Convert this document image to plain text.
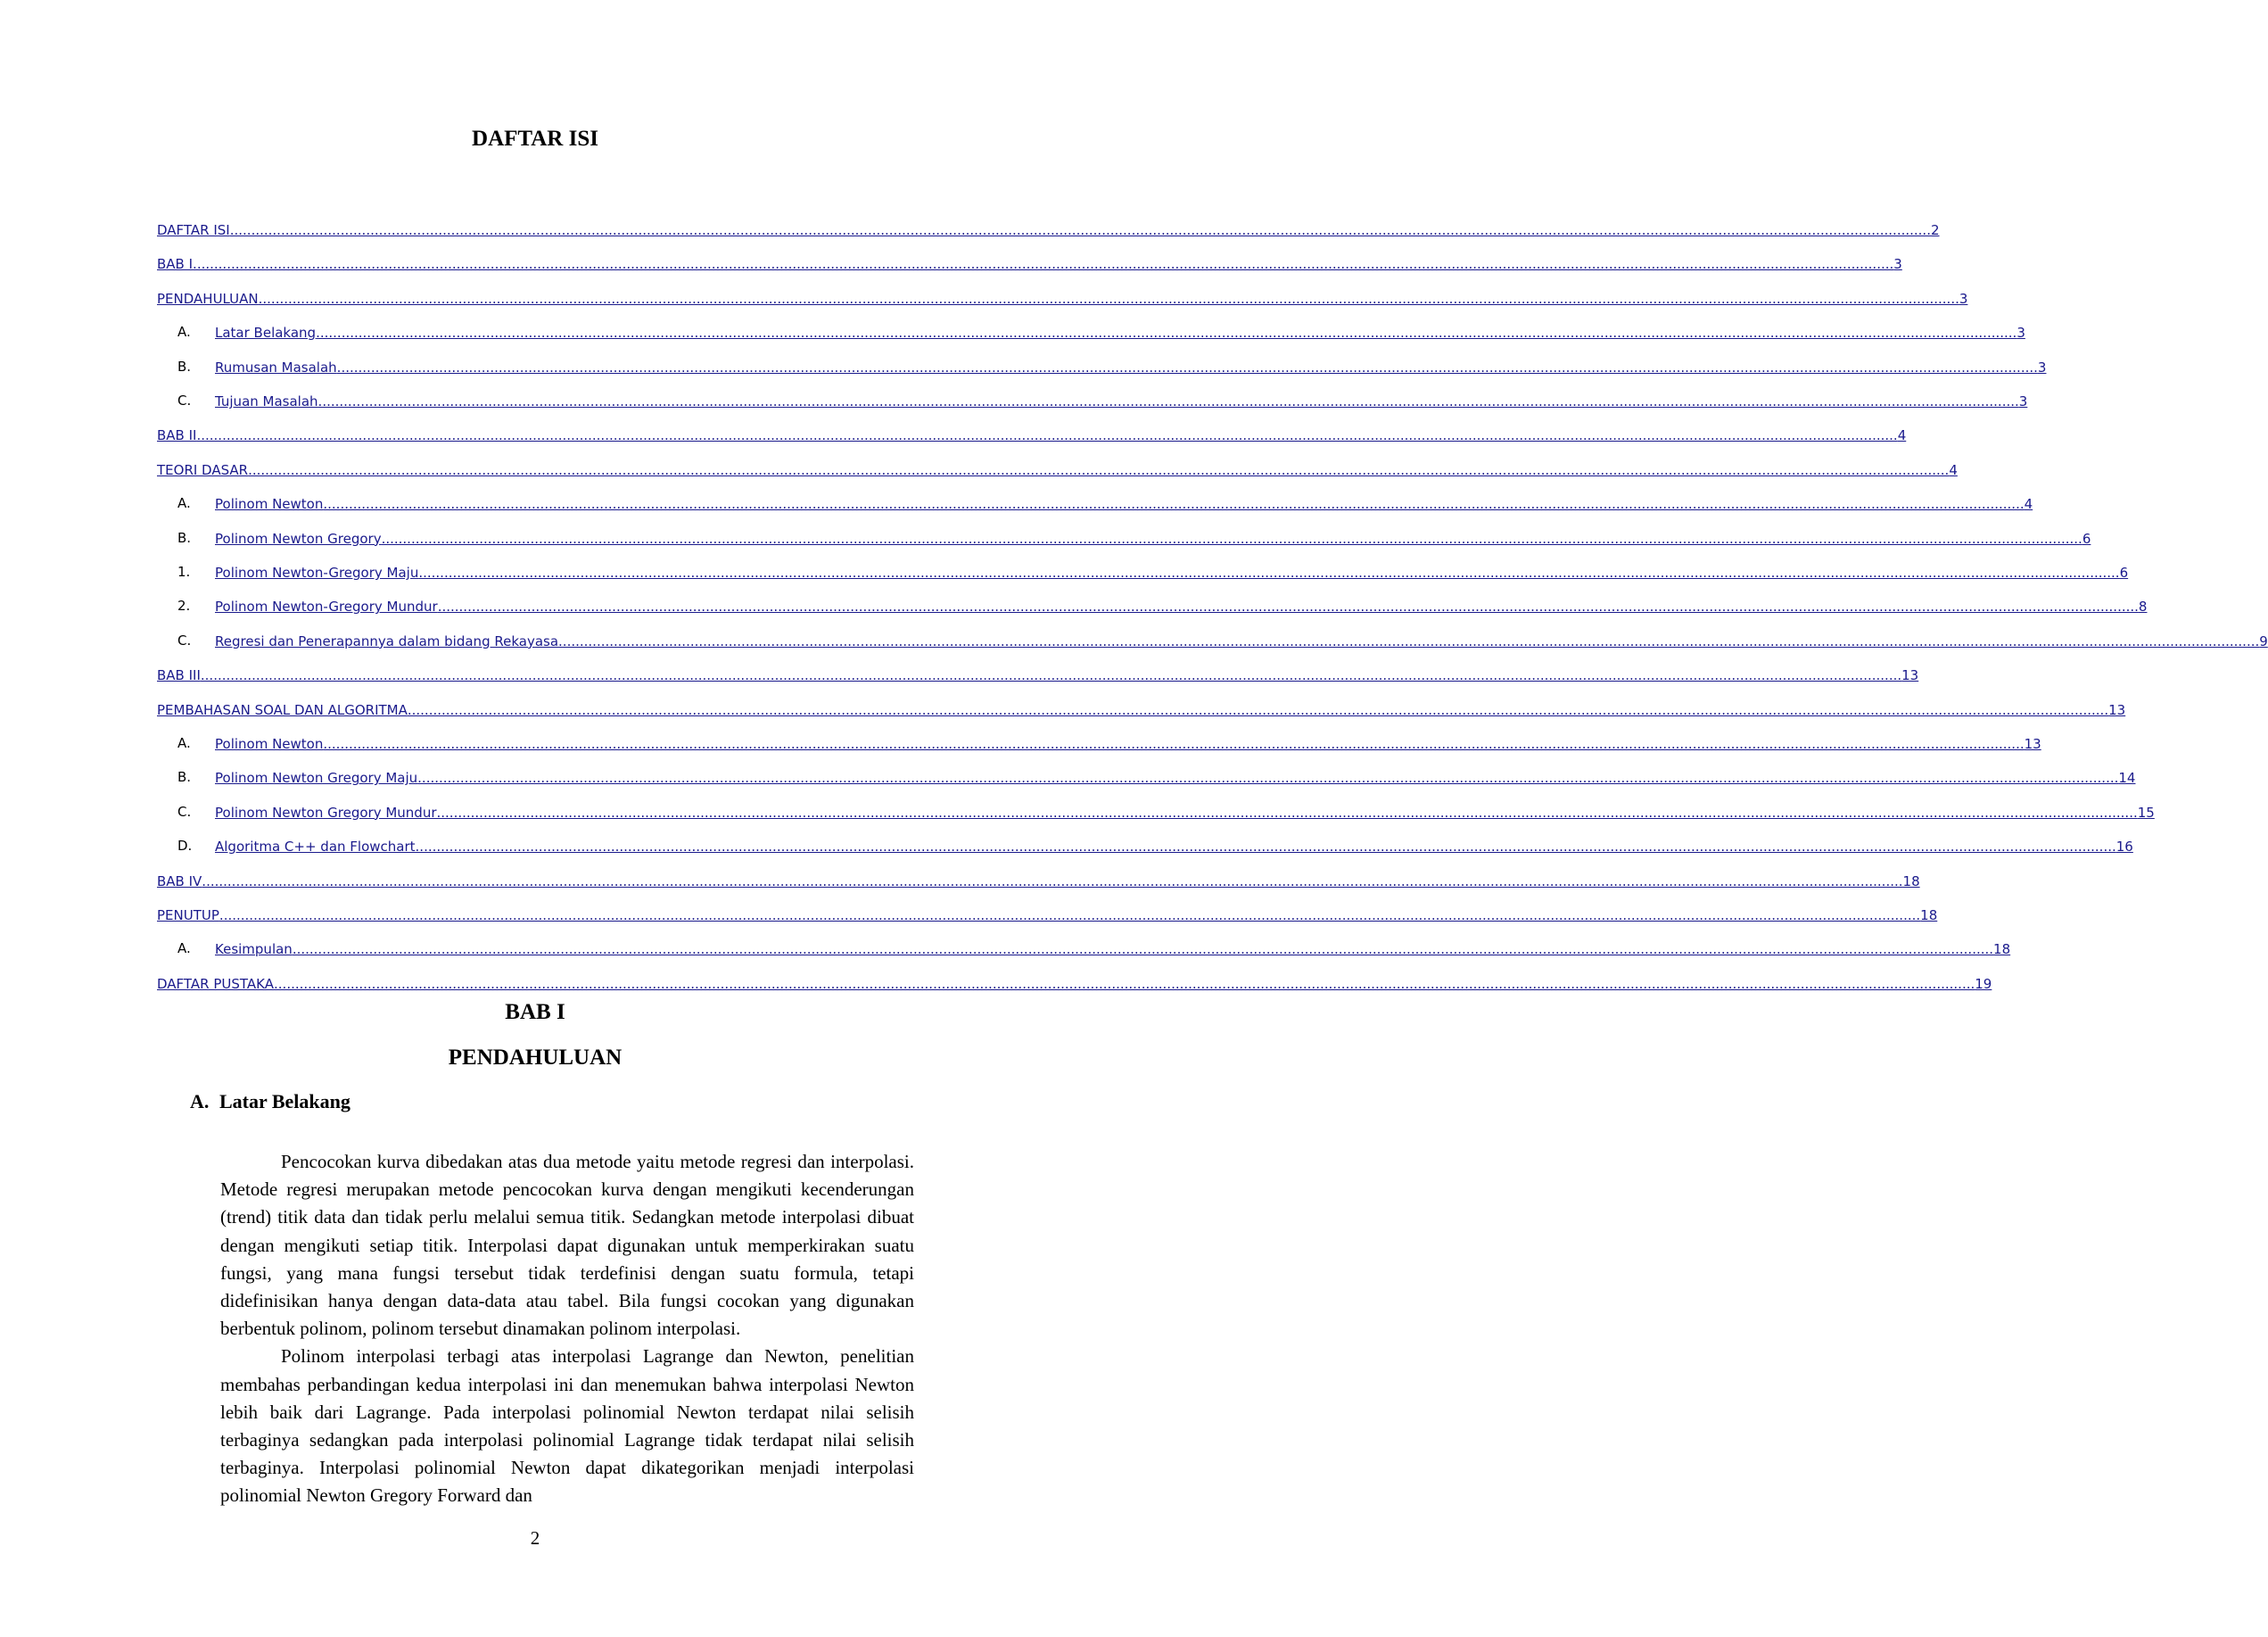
DAFTAR ISI
DAFTAR ISI ................................................................................................................................................................................................................................................................................................................................................................................................................ 2
BAB I ................................................................................................................................................................................................................................................................................................................................................................................................................ 3
PENDAHULUAN ................................................................................................................................................................................................................................................................................................................................................................................................................ 3
A. Latar Belakang ................................................................................................................................................................................................................................................................................................................................................................................................................ 3
B. Rumusan Masalah ................................................................................................................................................................................................................................................................................................................................................................................................................ 3
C. Tujuan Masalah ................................................................................................................................................................................................................................................................................................................................................................................................................ 3
BAB II ................................................................................................................................................................................................................................................................................................................................................................................................................ 4
TEORI DASAR ................................................................................................................................................................................................................................................................................................................................................................................................................ 4
A. Polinom Newton ................................................................................................................................................................................................................................................................................................................................................................................................................ 4
B. Polinom Newton Gregory ................................................................................................................................................................................................................................................................................................................................................................................................................ 6
1. Polinom Newton-Gregory Maju ................................................................................................................................................................................................................................................................................................................................................................................................................ 6
2. Polinom Newton-Gregory Mundur ................................................................................................................................................................................................................................................................................................................................................................................................................ 8
C. Regresi dan Penerapannya dalam bidang Rekayasa ................................................................................................................................................................................................................................................................................................................................................................................................................ 9
BAB III ................................................................................................................................................................................................................................................................................................................................................................................................................ 13
PEMBAHASAN SOAL DAN ALGORITMA ................................................................................................................................................................................................................................................................................................................................................................................................................ 13
A. Polinom Newton ................................................................................................................................................................................................................................................................................................................................................................................................................ 13
B. Polinom Newton Gregory Maju ................................................................................................................................................................................................................................................................................................................................................................................................................ 14
C. Polinom Newton Gregory Mundur ................................................................................................................................................................................................................................................................................................................................................................................................................ 15
D. Algoritma C++ dan Flowchart ................................................................................................................................................................................................................................................................................................................................................................................................................ 16
BAB IV ................................................................................................................................................................................................................................................................................................................................................................................................................ 18
PENUTUP ................................................................................................................................................................................................................................................................................................................................................................................................................ 18
A. Kesimpulan ................................................................................................................................................................................................................................................................................................................................................................................................................ 18
DAFTAR PUSTAKA ................................................................................................................................................................................................................................................................................................................................................................................................................ 19
BAB I
PENDAHULUAN
A. Latar Belakang

Pencocokan kurva dibedakan atas dua metode yaitu metode regresi dan interpolasi. Metode regresi merupakan metode pencocokan kurva dengan mengikuti kecenderungan (trend) titik data dan tidak perlu melalui semua titik. Sedangkan metode interpolasi dibuat dengan mengikuti setiap titik. Interpolasi dapat digunakan untuk memperkirakan suatu fungsi, yang mana fungsi tersebut tidak terdefinisi dengan suatu formula, tetapi didefinisikan hanya dengan data-data atau tabel. Bila fungsi cocokan yang digunakan berbentuk polinom, polinom tersebut dinamakan polinom interpolasi.

Polinom interpolasi terbagi atas interpolasi Lagrange dan Newton, penelitian membahas perbandingan kedua interpolasi ini dan menemukan bahwa interpolasi Newton lebih baik dari Lagrange. Pada interpolasi polinomial Newton terdapat nilai selisih terbaginya sedangkan pada interpolasi polinomial Lagrange tidak terdapat nilai selisih terbaginya. Interpolasi polinomial Newton dapat dikategorikan menjadi interpolasi polinomial Newton Gregory Forward dan

2
